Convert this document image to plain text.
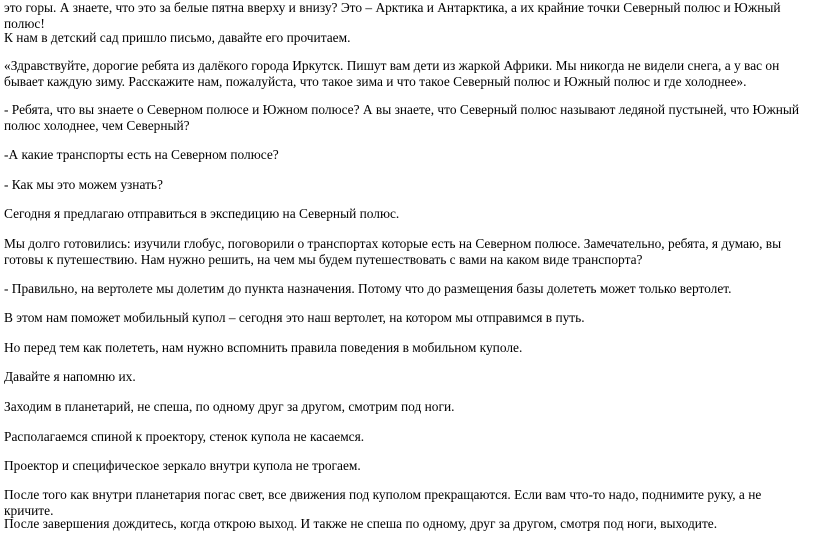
это горы. А знаете, что это за белые пятна вверху и внизу? Это – Арктика и Антарктика, а их крайние точки Северный полюс и Южный полюс!

К нам в детский сад пришло письмо, давайте его прочитаем.

«Здравствуйте, дорогие ребята из далёкого города Иркутск. Пишут вам дети из жаркой Африки. Мы никогда не видели снега, а у вас он бывает каждую зиму. Расскажите нам, пожалуйста, что такое зима и что такое Северный полюс и Южный полюс и где холоднее».

- Ребята, что вы знаете о Северном полюсе и Южном полюсе? А вы знаете, что Северный полюс называют ледяной пустыней, что Южный полюс холоднее, чем Северный?

-А какие транспорты есть на Северном полюсе?

- Как мы это можем узнать?

Сегодня я предлагаю отправиться в экспедицию на Северный полюс.

Мы долго готовились: изучили глобус, поговорили о транспортах которые есть на Северном полюсе. Замечательно, ребята, я думаю, вы готовы к путешествию. Нам нужно решить, на чем мы будем путешествовать с вами на каком виде транспорта?

- Правильно, на вертолете мы долетим до пункта назначения. Потому что до размещения базы долететь может только вертолет.

В этом нам поможет мобильный купол – сегодня это наш вертолет, на котором мы отправимся в путь.

Но перед тем как полететь, нам нужно вспомнить правила поведения в мобильном куполе.

Давайте я напомню их.

Заходим в планетарий, не спеша, по одному друг за другом, смотрим под ноги.

Располагаемся спиной к проектору, стенок купола не касаемся.

Проектор и специфическое зеркало внутри купола не трогаем.

После того как внутри планетария погас свет, все движения под куполом прекращаются. Если вам что-то надо, поднимите руку, а не кричите.

После завершения дождитесь, когда открою выход. И также не спеша по одному, друг за другом, смотря под ноги, выходите.
